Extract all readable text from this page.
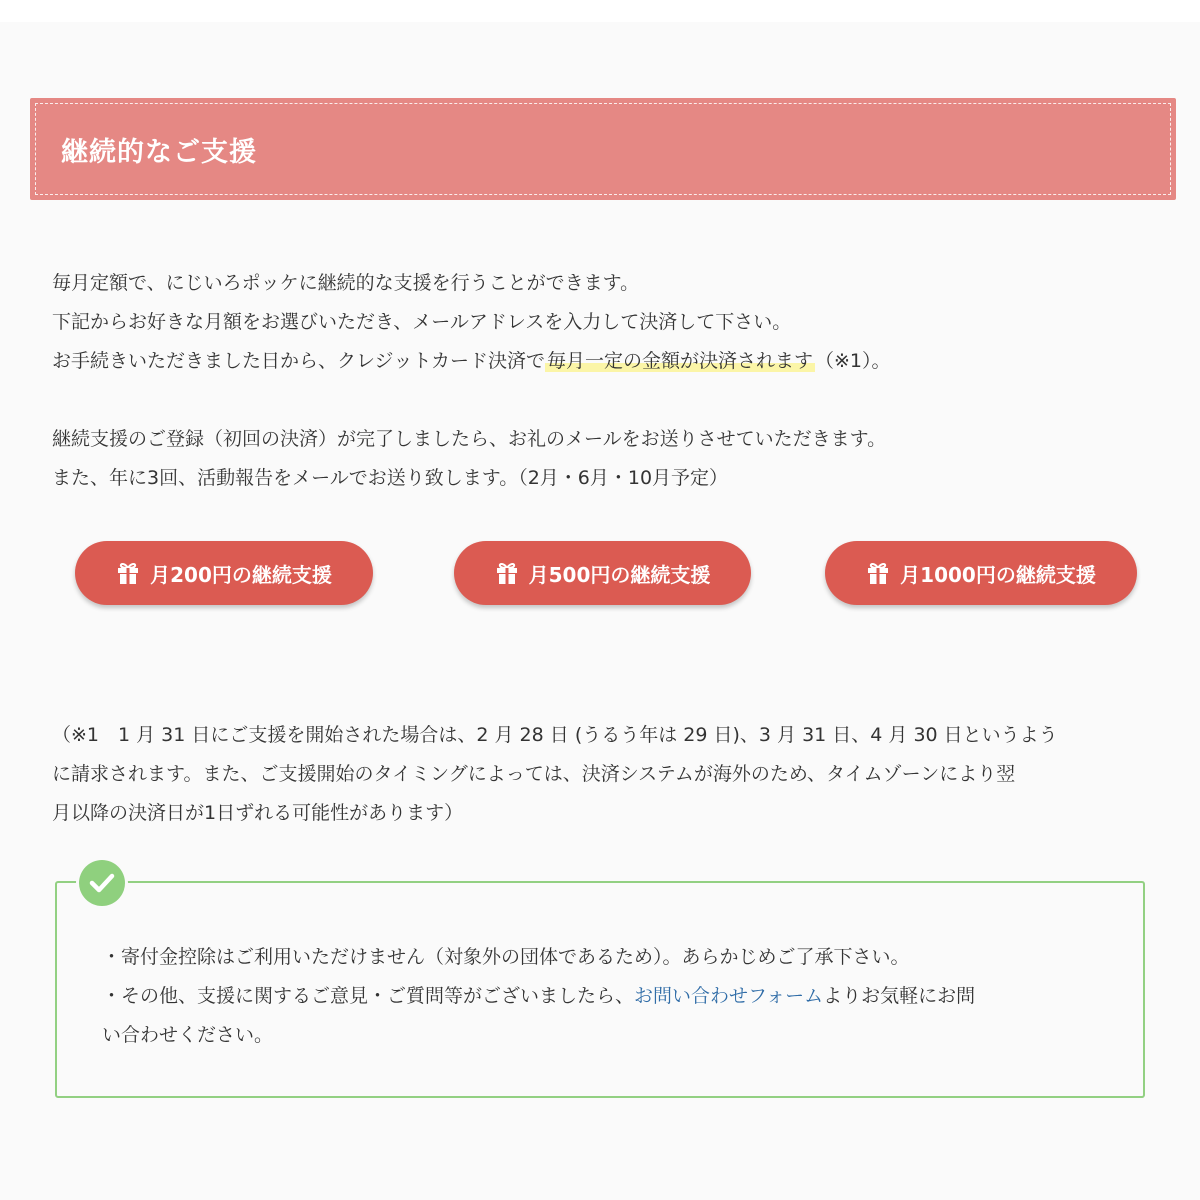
継続的なご支援

毎月定額で、にじいろポッケに継続的な支援を行うことができます。

下記からお好きな月額をお選びいただき、メールアドレスを入力して決済して下さい。

お手続きいただきました日から、クレジットカード決済で 毎月一定の金額が決済されます （※1）。

継続支援のご登録（初回の決済）が完了しましたら、お礼のメールをお送りさせていただきます。

また、年に3回、活動報告をメールでお送り致します。（2月・6月・10月予定）

月200円の継続支援	月500円の継続支援	月1000円の継続支援

（※1　1 月 31 日にご支援を開始された場合は、2 月 28 日 (うるう年は 29 日)、3 月 31 日、4 月 30 日というよう

に請求されます。また、ご支援開始のタイミングによっては、決済システムが海外のため、タイムゾーンにより翌

月以降の決済日が1日ずれる可能性があります）

・寄付金控除はご利用いただけません（対象外の団体であるため）。あらかじめご了承下さい。

・その他、支援に関するご意見・ご質問等がございましたら、お問い合わせフォームよりお気軽にお問

い合わせください。
